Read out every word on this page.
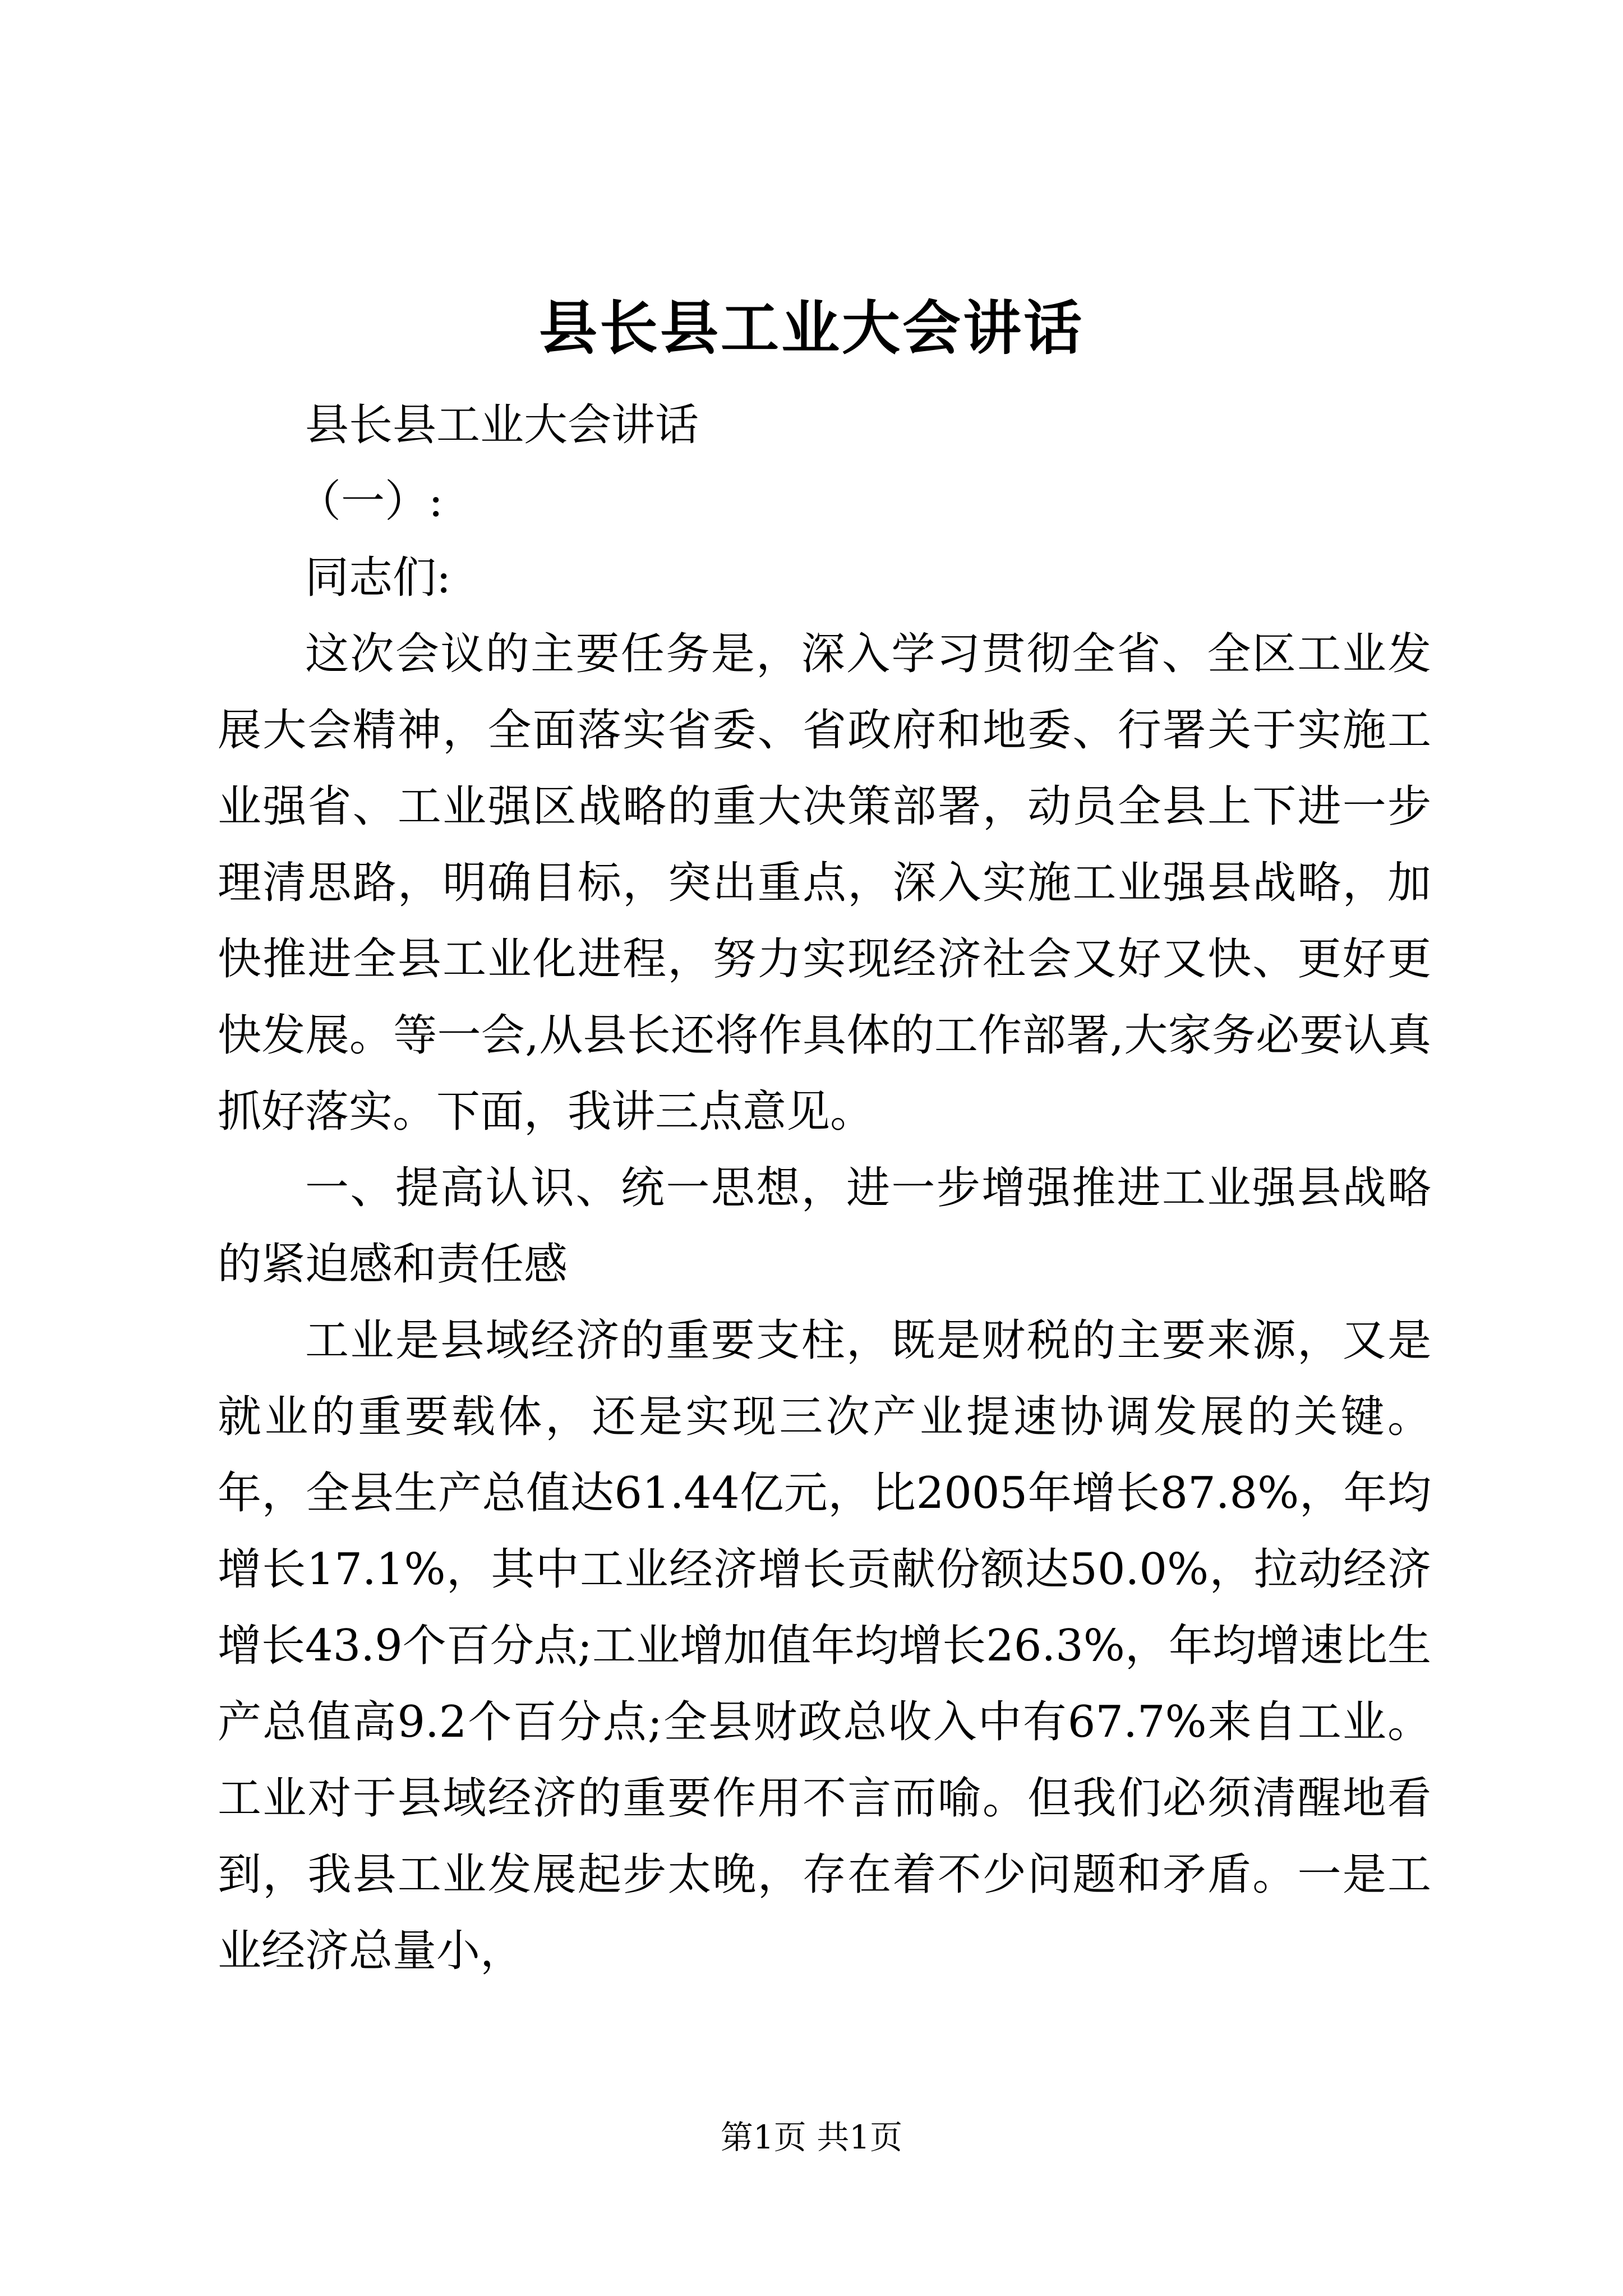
县长县工业大会讲话

县长县工业大会讲话

（一）:

同志们:

这次会议的主要任务是，深入学习贯彻全省、全区工业发展大会精神，全面落实省委、省政府和地委、行署关于实施工业强省、工业强区战略的重大决策部署，动员全县上下进一步理清思路，明确目标，突出重点，深入实施工业强县战略，加快推进全县工业化进程，努力实现经济社会又好又快、更好更快发展。等一会,从县长还将作具体的工作部署,大家务必要认真抓好落实。下面，我讲三点意见。

一、提高认识、统一思想，进一步增强推进工业强县战略的紧迫感和责任感

工业是县域经济的重要支柱，既是财税的主要来源，又是就业的重要载体，还是实现三次产业提速协调发展的关键。年，全县生产总值达61.44亿元，比2005年增长87.8%，年均增长17.1%，其中工业经济增长贡献份额达50.0%，拉动经济增长43.9个百分点;工业增加值年均增长26.3%，年均增速比生产总值高9.2个百分点;全县财政总收入中有67.7%来自工业。工业对于县域经济的重要作用不言而喻。但我们必须清醒地看到，我县工业发展起步太晚，存在着不少问题和矛盾。一是工业经济总量小，

第1页 共1页
